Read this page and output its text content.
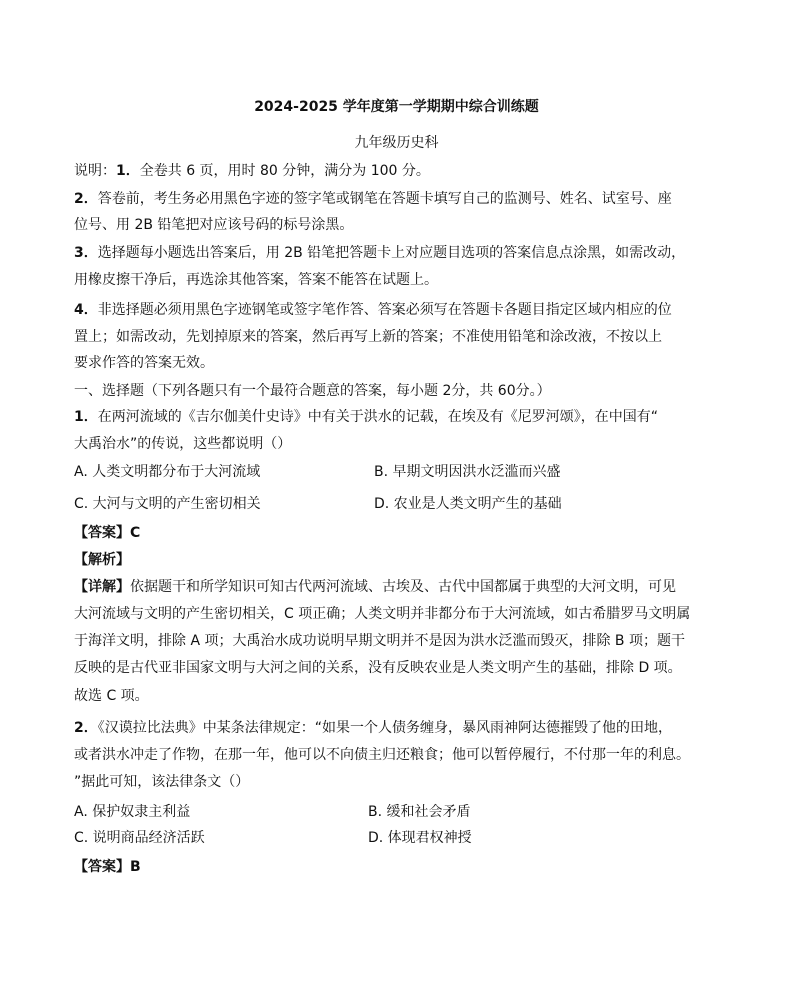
2024-2025 学年度第一学期期中综合训练题
九年级历史科
说明：1．全卷共 6 页，用时 80 分钟，满分为 100 分。
2．答卷前，考生务必用黑色字迹的签字笔或钢笔在答题卡填写自己的监测号、姓名、试室号、座
位号、用 2B 铅笔把对应该号码的标号涂黑。
3．选择题每小题选出答案后，用 2B 铅笔把答题卡上对应题目选项的答案信息点涂黑，如需改动，
用橡皮擦干净后，再选涂其他答案，答案不能答在试题上。
4．非选择题必须用黑色字迹钢笔或签字笔作答、答案必须写在答题卡各题目指定区域内相应的位
置上；如需改动，先划掉原来的答案，然后再写上新的答案；不准使用铅笔和涂改液，不按以上
要求作答的答案无效。
一、选择题（下列各题只有一个最符合题意的答案，每小题 2分，共 60分。）
1．在两河流域的《吉尔伽美什史诗》中有关于洪水的记载，在埃及有《尼罗河颂》，在中国有“
大禹治水”的传说，这些都说明（）
A. 人类文明都分布于大河流域	B. 早期文明因洪水泛滥而兴盛
C. 大河与文明的产生密切相关	D. 农业是人类文明产生的基础
【答案】C
【解析】
【详解】依据题干和所学知识可知古代两河流域、古埃及、古代中国都属于典型的大河文明，可见
大河流域与文明的产生密切相关，C 项正确；人类文明并非都分布于大河流域，如古希腊罗马文明属
于海洋文明，排除 A 项；大禹治水成功说明早期文明并不是因为洪水泛滥而毁灭，排除 B 项；题干
反映的是古代亚非国家文明与大河之间的关系，没有反映农业是人类文明产生的基础，排除 D 项。
故选 C 项。
2．《汉谟拉比法典》中某条法律规定：“如果一个人债务缠身，暴风雨神阿达德摧毁了他的田地，
或者洪水冲走了作物，在那一年，他可以不向债主归还粮食；他可以暂停履行，不付那一年的利息。
”据此可知，该法律条文（）
A. 保护奴隶主利益	B. 缓和社会矛盾
C. 说明商品经济活跃	D. 体现君权神授
【答案】B
